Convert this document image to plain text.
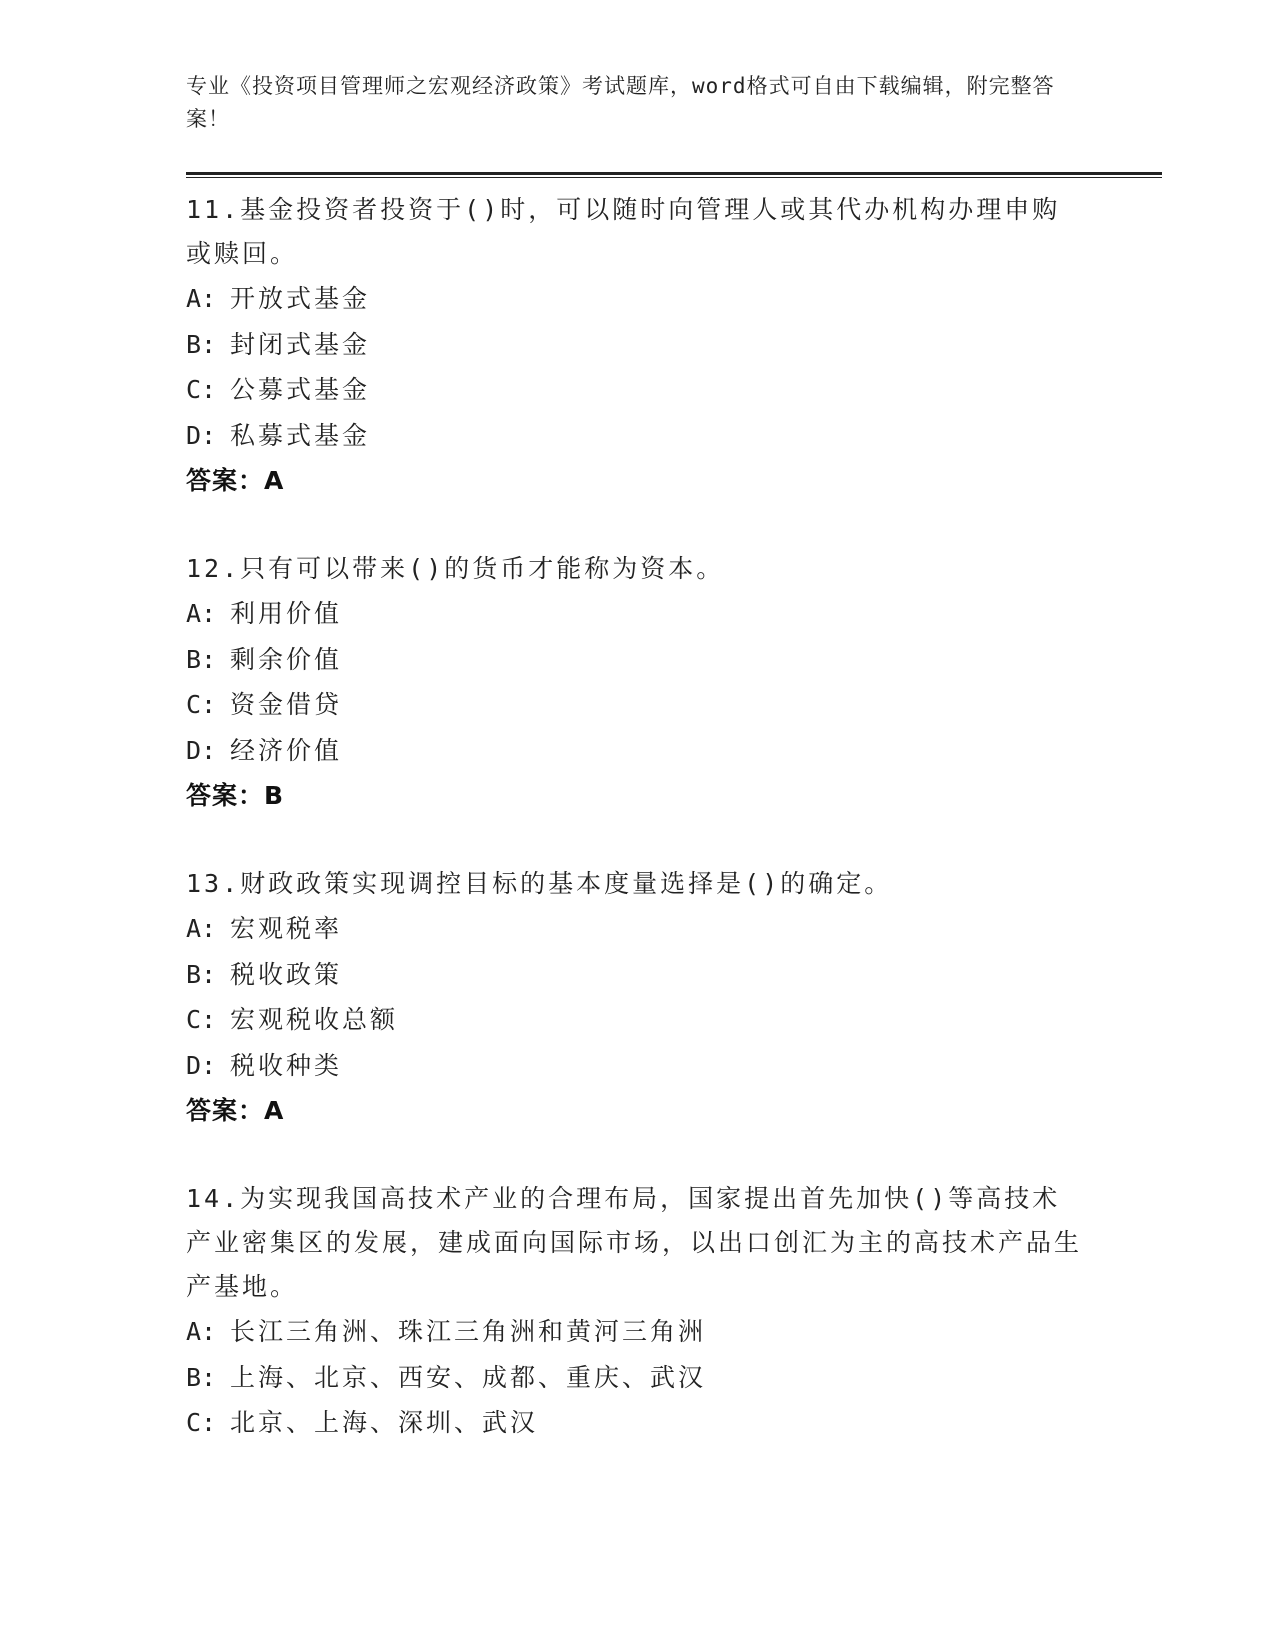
专业《投资项目管理师之宏观经济政策》考试题库，word格式可自由下载编辑，附完整答案！
11.基金投资者投资于()时，可以随时向管理人或其代办机构办理申购或赎回。
A: 开放式基金
B: 封闭式基金
C: 公募式基金
D: 私募式基金
答案：A
12.只有可以带来()的货币才能称为资本。
A: 利用价值
B: 剩余价值
C: 资金借贷
D: 经济价值
答案：B
13.财政政策实现调控目标的基本度量选择是()的确定。
A: 宏观税率
B: 税收政策
C: 宏观税收总额
D: 税收种类
答案：A
14.为实现我国高技术产业的合理布局，国家提出首先加快()等高技术产业密集区的发展，建成面向国际市场，以出口创汇为主的高技术产品生产基地。
A: 长江三角洲、珠江三角洲和黄河三角洲
B: 上海、北京、西安、成都、重庆、武汉
C: 北京、上海、深圳、武汉
